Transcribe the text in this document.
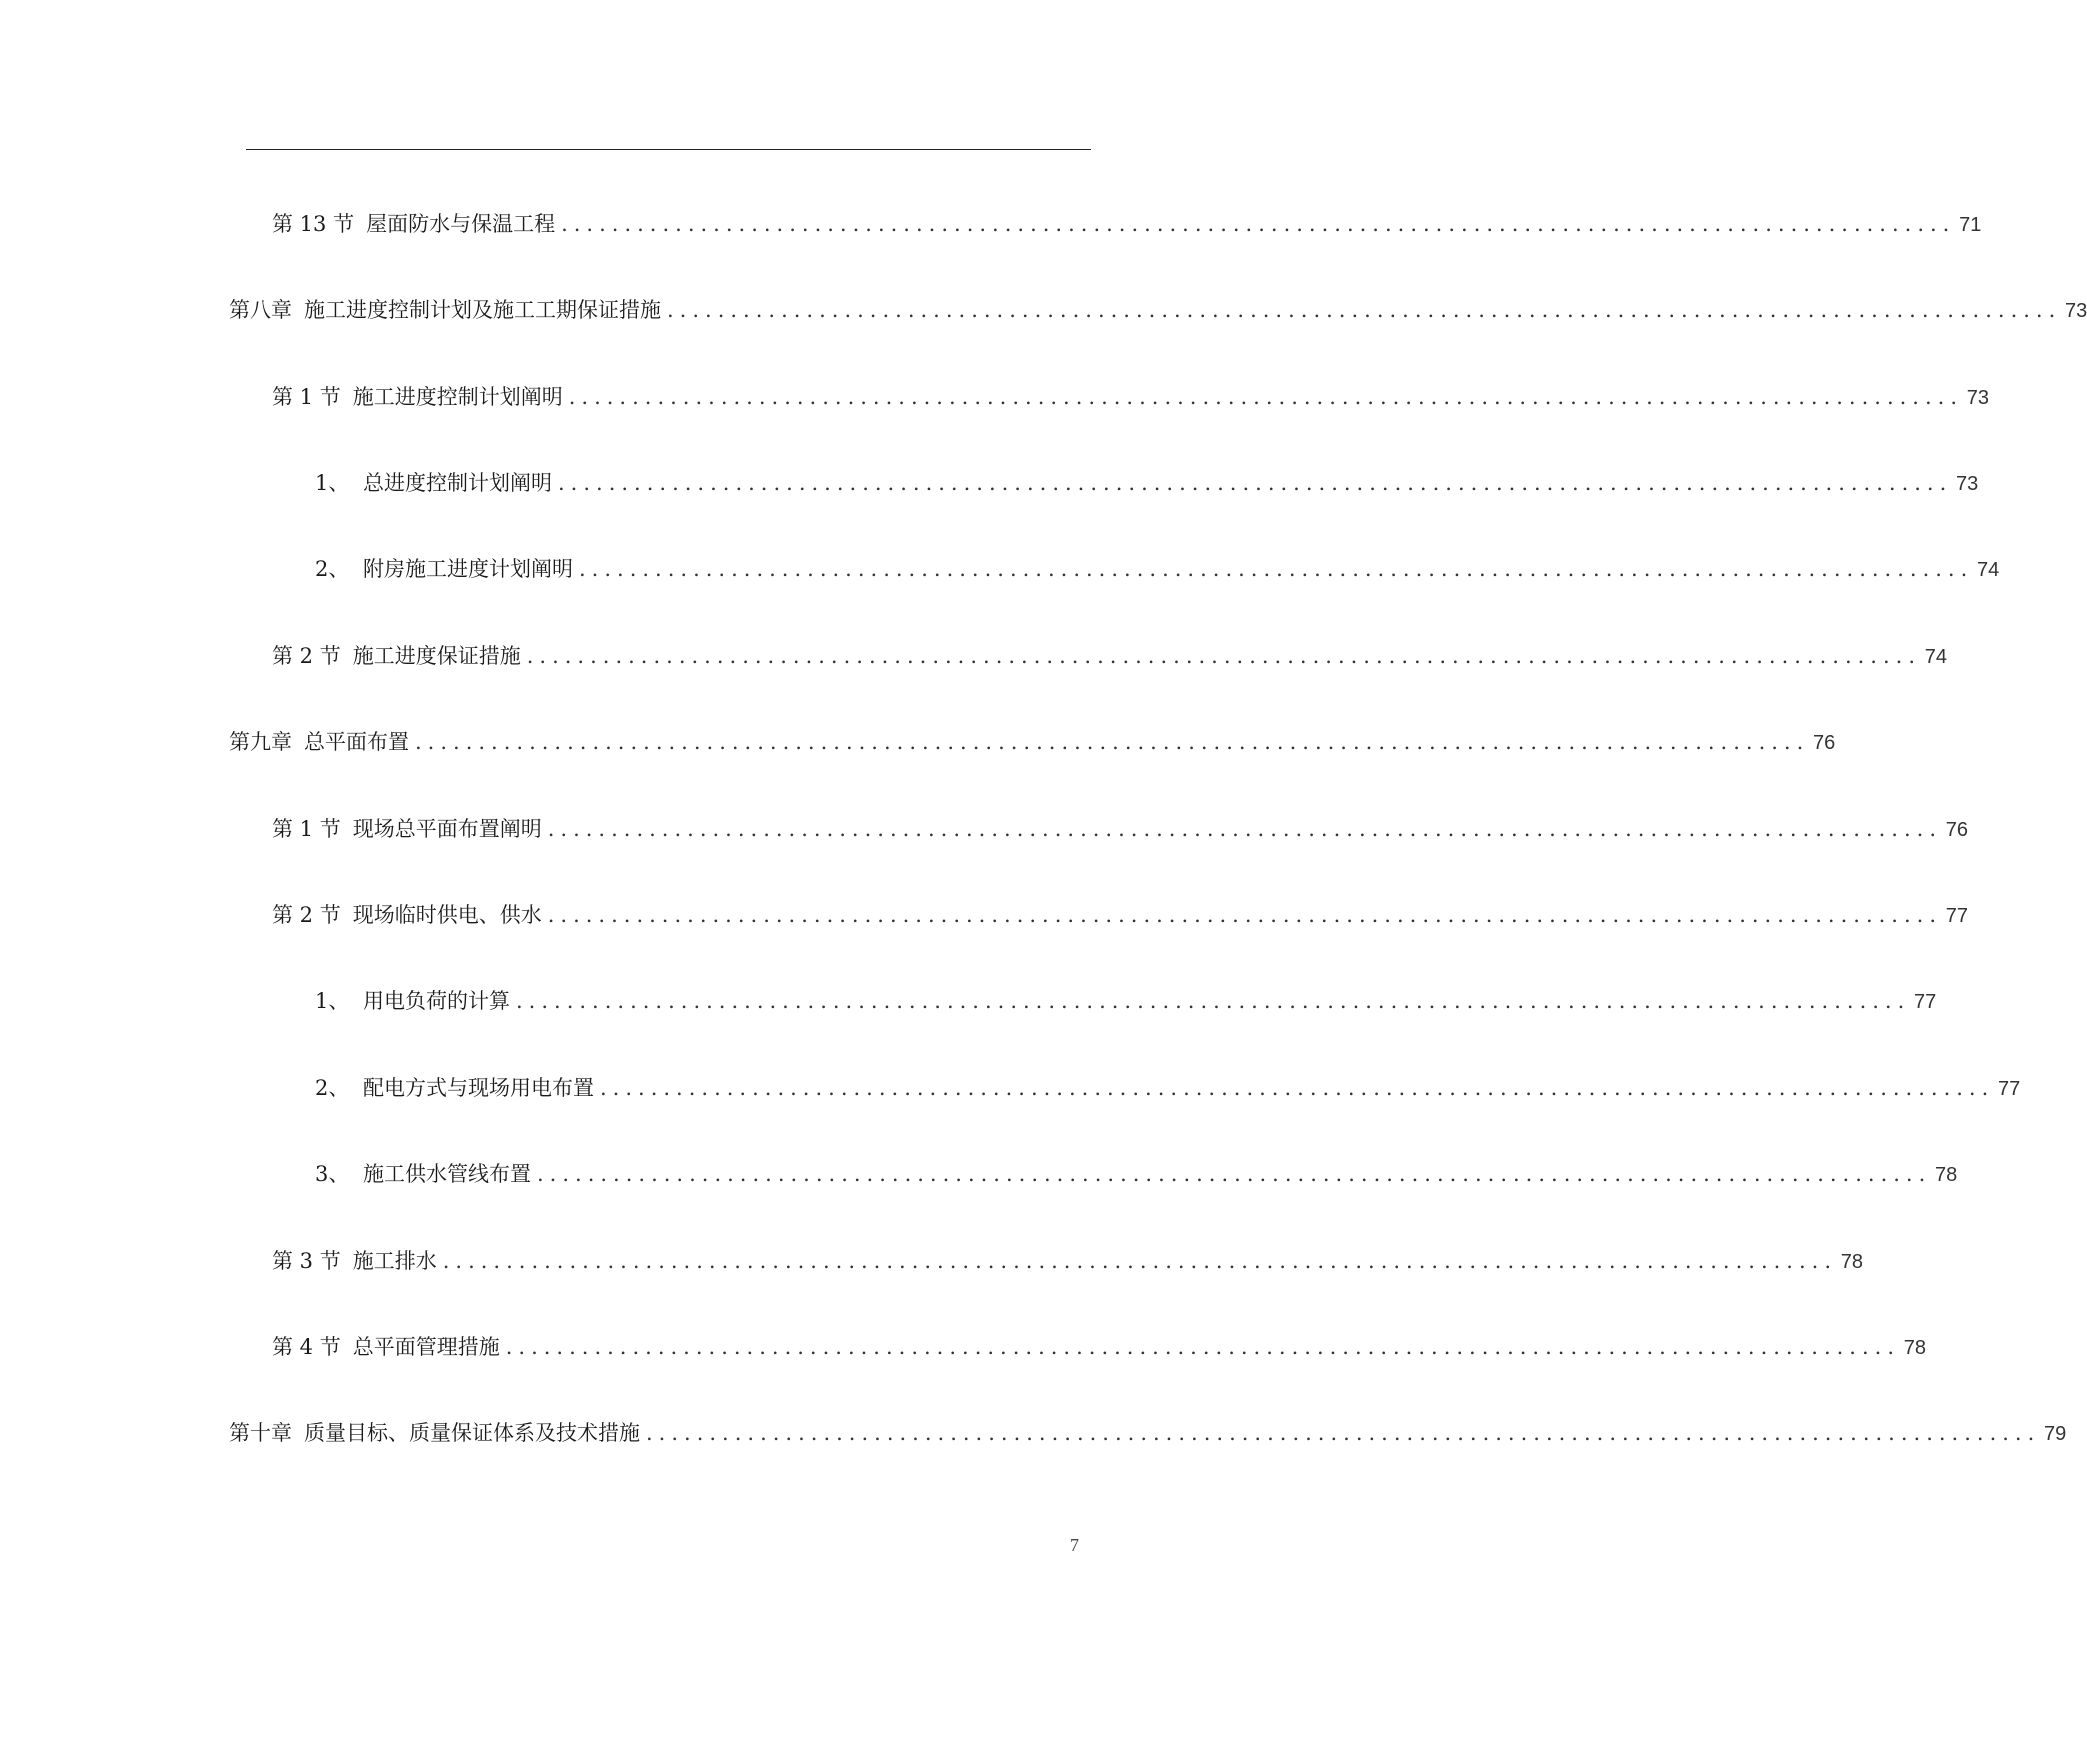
第 13 节 屋面防水与保温工程 .............................................................................................................. 71
第八章 施工进度控制计划及施工工期保证措施 .............................................................................................................. 73
第 1 节 施工进度控制计划阐明 .............................................................................................................. 73
1、 总进度控制计划阐明 .............................................................................................................. 73
2、 附房施工进度计划阐明 .............................................................................................................. 74
第 2 节 施工进度保证措施 .............................................................................................................. 74
第九章 总平面布置 .............................................................................................................. 76
第 1 节 现场总平面布置阐明 .............................................................................................................. 76
第 2 节 现场临时供电、供水 .............................................................................................................. 77
1、 用电负荷的计算 .............................................................................................................. 77
2、 配电方式与现场用电布置 .............................................................................................................. 77
3、 施工供水管线布置 .............................................................................................................. 78
第 3 节 施工排水 .............................................................................................................. 78
第 4 节 总平面管理措施 .............................................................................................................. 78
第十章 质量目标、质量保证体系及技术措施 .............................................................................................................. 79
7
